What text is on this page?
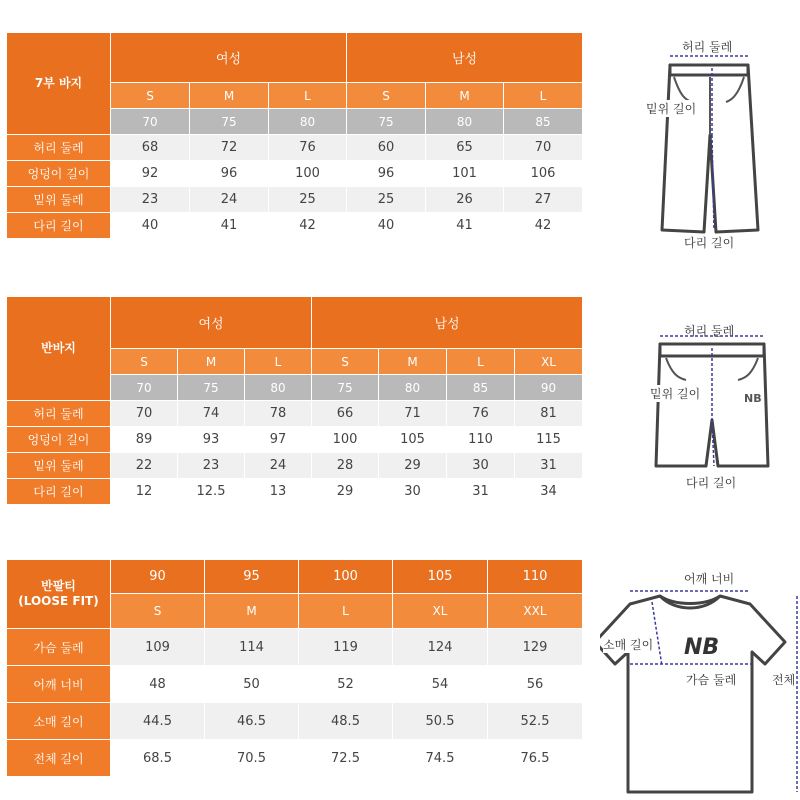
7부 바지	여성			남성		
	S	M	L	S	M	L
	70	75	80	75	80	85
허리 둘레	68	72	76	60	65	70
엉덩이 길이	92	96	100	96	101	106
밑위 둘레	23	24	25	25	26	27
다리 길이	40	41	42	40	41	42
반바지	여성			남성			
	S	M	L	S	M	L	XL
	70	75	80	75	80	85	90
허리 둘레	70	74	78	66	71	76	81
엉덩이 길이	89	93	97	100	105	110	115
밑위 둘레	22	23	24	28	29	30	31
다리 길이	12	12.5	13	29	30	31	34
반팔티
(LOOSE FIT)	90	95	100	105	110
	S	M	L	XL	XXL
가슴 둘레	109	114	119	124	129
어깨 너비	48	50	52	54	56
소매 길이	44.5	46.5	48.5	50.5	52.5
전체 길이	68.5	70.5	72.5	74.5	76.5
허리 둘레
밑위 길이
다리 길이
NB
허리 둘레
밑위 길이
다리 길이
NB
어깨 너비
소매 길이
가슴 둘레	전체
